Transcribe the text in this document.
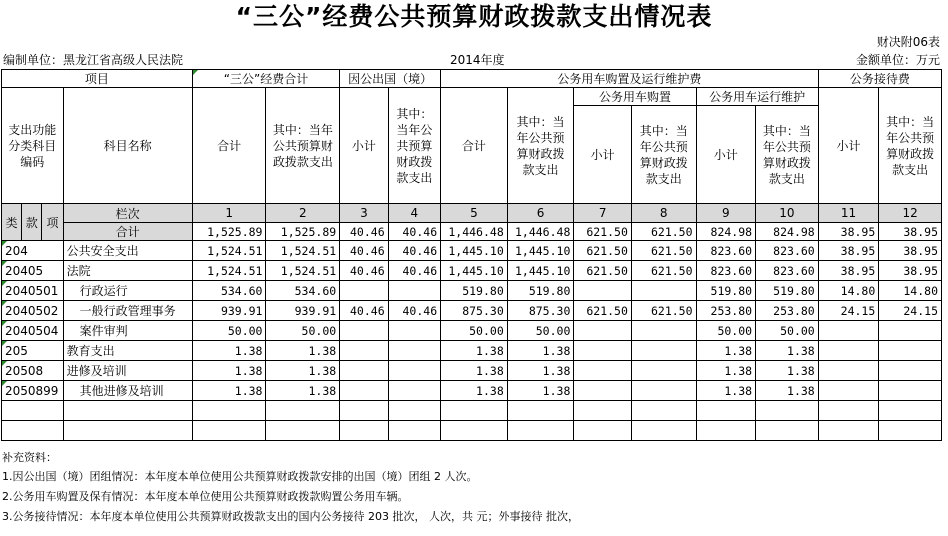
“三公”经费公共预算财政拨款支出情况表
财决附06表
编制单位：黑龙江省高级人民法院	2014年度	金额单位：万元
项目				“三公”经费合计		因公出国（境）		公务用车购置及运行维护费						公务接待费	
支出功能分类科目编码			科目名称	合计	其中：当年公共预算财政拨款支出	小计	其中：当年公共预算财政拨款支出	合计	其中：当年公共预算财政拨款支出	公务用车购置		公务用车运行维护		小计	其中：当年公共预算财政拨款支出
										小计	其中：当年公共预算财政拨款支出	小计	其中：当年公共预算财政拨款支出		
类	款	项	栏次	1	2	3	4	5	6	7	8	9	10	11	12
			合计	1,525.89	1,525.89	40.46	40.46	1,446.48	1,446.48	621.50	621.50	824.98	824.98	38.95	38.95
204			公共安全支出	1,524.51	1,524.51	40.46	40.46	1,445.10	1,445.10	621.50	621.50	823.60	823.60	38.95	38.95
20405			法院	1,524.51	1,524.51	40.46	40.46	1,445.10	1,445.10	621.50	621.50	823.60	823.60	38.95	38.95
2040501			行政运行	534.60	534.60			519.80	519.80			519.80	519.80	14.80	14.80
2040502			一般行政管理事务	939.91	939.91	40.46	40.46	875.30	875.30	621.50	621.50	253.80	253.80	24.15	24.15
2040504			案件审判	50.00	50.00			50.00	50.00			50.00	50.00		
205			教育支出	1.38	1.38			1.38	1.38			1.38	1.38		
20508			进修及培训	1.38	1.38			1.38	1.38			1.38	1.38		
2050899			其他进修及培训	1.38	1.38			1.38	1.38			1.38	1.38		

补充资料：
1.因公出国（境）团组情况：本年度本单位使用公共预算财政拨款安排的出国（境）团组 2 人次。
2.公务用车购置及保有情况：本年度本单位使用公共预算财政拨款购置公务用车辆。
3.公务接待情况：本年度本单位使用公共预算财政拨款支出的国内公务接待 203 批次， 人次，共 元；外事接待 批次，
